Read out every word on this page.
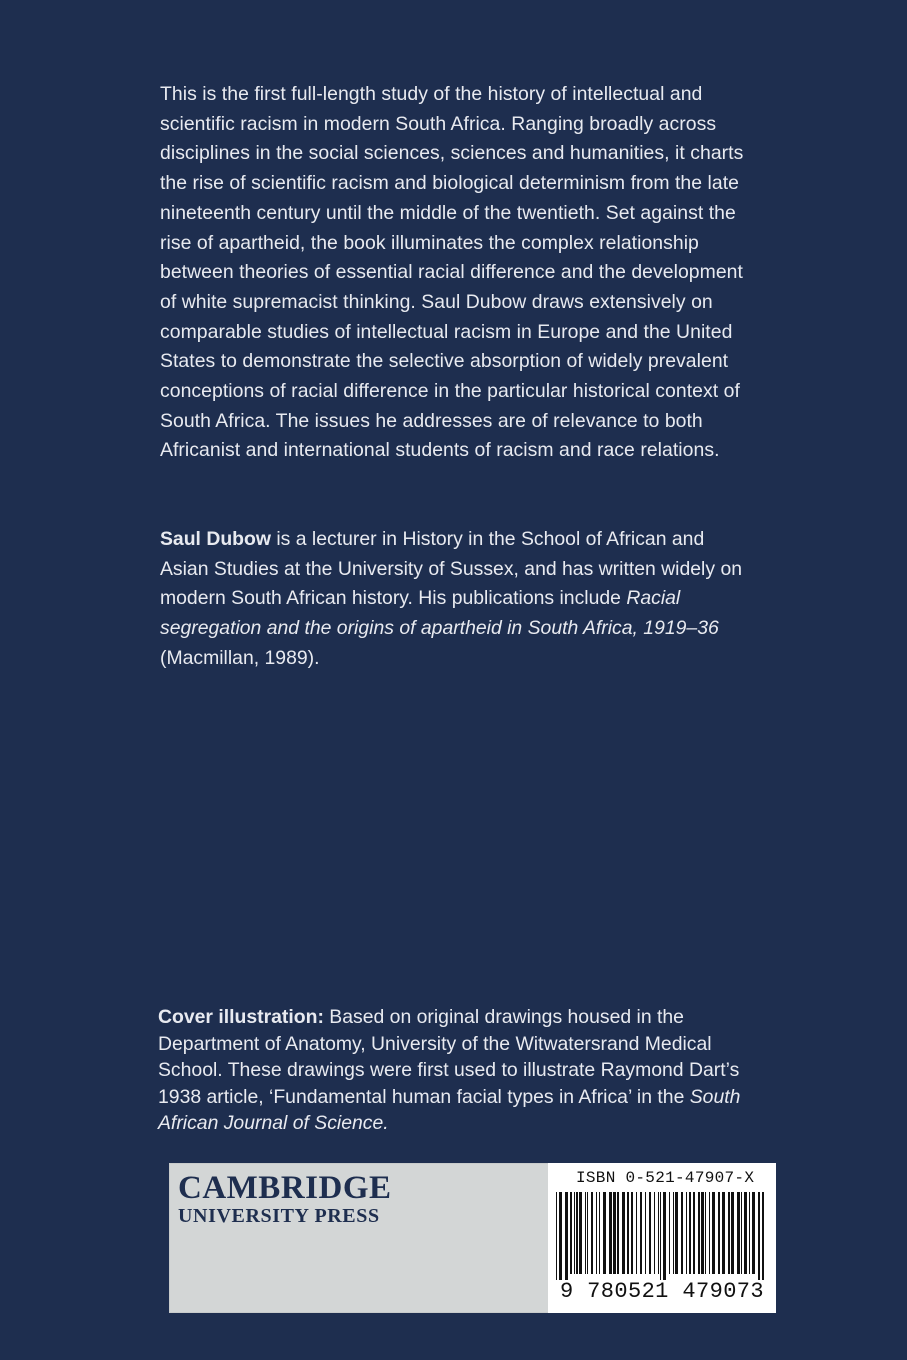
This is the first full-length study of the history of intellectual and scientific racism in modern South Africa. Ranging broadly across disciplines in the social sciences, sciences and humanities, it charts the rise of scientific racism and biological determinism from the late nineteenth century until the middle of the twentieth. Set against the rise of apartheid, the book illuminates the complex relationship between theories of essential racial difference and the development of white supremacist thinking. Saul Dubow draws extensively on comparable studies of intellectual racism in Europe and the United States to demonstrate the selective absorption of widely prevalent conceptions of racial difference in the particular historical context of South Africa. The issues he addresses are of relevance to both Africanist and international students of racism and race relations.

Saul Dubow is a lecturer in History in the School of African and Asian Studies at the University of Sussex, and has written widely on modern South African history. His publications include Racial segregation and the origins of apartheid in South Africa, 1919–36 (Macmillan, 1989).

Cover illustration: Based on original drawings housed in the Department of Anatomy, University of the Witwatersrand Medical School. These drawings were first used to illustrate Raymond Dart’s 1938 article, ‘Fundamental human facial types in Africa’ in the South African Journal of Science.

CAMBRIDGE
UNIVERSITY PRESS
ISBN 0-521-47907-X
9 780521 479073
